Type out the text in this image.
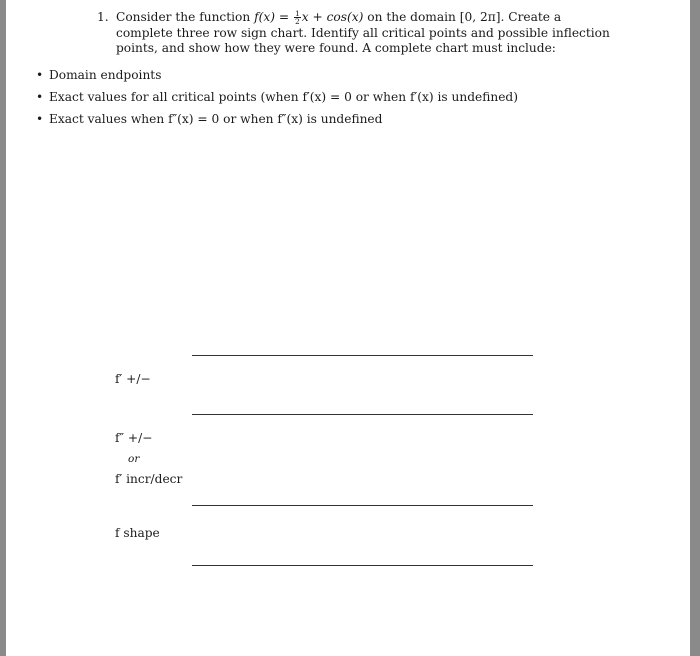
1. Consider the function $f(x) = \frac{1}{2}$ x + cos(x) on the domain [0, 2π]. Create a complete three row sign chart. Identify all critical points and possible inflection points, and show how they were found. A complete chart must include:
• Domain endpoints
• Exact values for all critical points (when f′(x) = 0 or when f′(x) is undefined)
• Exact values when f″(x) = 0 or when f″(x) is undefined
f′ +/−
f″ +/−
or
f′ incr/decr
f shape
